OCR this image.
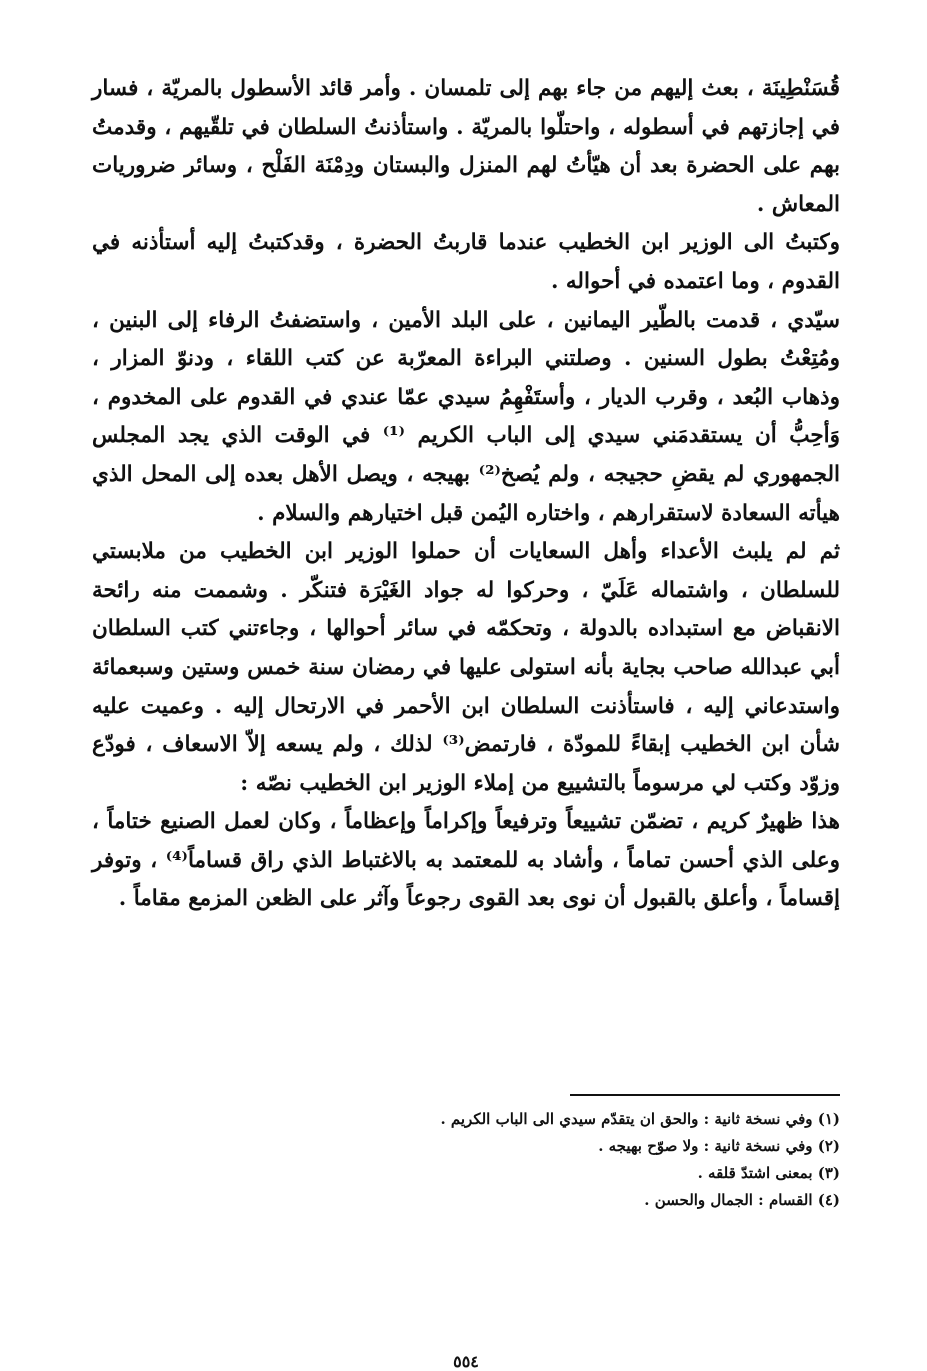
قُسَنْطِينَة ، بعث إليهم من جاء بهم إلى تلمسان . وأمر قائد الأسطول بالمريّة ، فسار في إجازتهم في أسطوله ، واحتلّوا بالمريّة . واستأذنتُ السلطان في تلقّيهم ، وقدمتُ بهم على الحضرة بعد أن هيّأتُ لهم المنزل والبستان ودِمْنَة الفَلْح ، وسائر ضروريات المعاش .

وكتبتُ الى الوزير ابن الخطيب عندما قاربتُ الحضرة ، وقدكتبتُ إليه أستأذنه في القدوم ، وما اعتمده في أحواله .

سيّدي ، قدمت بالطّير اليمانين ، على البلد الأمين ، واستضفتُ الرفاء إلى البنين ، ومُتِعْتُ بطول السنين . وصلتني البراءة المعرّبة عن كتب اللقاء ، ودنوّ المزار ، وذهاب البُعد ، وقرب الديار ، وأستَفْهِمُ سيدي عمّا عندي في القدوم على المخدوم ، وَأحِبُّ أن يستقدمَني سيدي إلى الباب الكريم ⁽¹⁾ في الوقت الذي يجد المجلس الجمهوري لم يقضِ حجيجه ، ولم يُصخ⁽²⁾ بهيجه ، ويصل الأهل بعده إلى المحل الذي هيأته السعادة لاستقرارهم ، واختاره اليُمن قبل اختيارهم والسلام .

ثم لم يلبث الأعداء وأهل السعايات أن حملوا الوزير ابن الخطيب من ملابستي للسلطان ، واشتماله عَلَيّ ، وحركوا له جواد الغَيْرَة فتنكّر . وشممت منه رائحة الانقباض مع استبداده بالدولة ، وتحكمّه في سائر أحوالها ، وجاءتني كتب السلطان أبي عبدالله صاحب بجاية بأنه استولى عليها في رمضان سنة خمس وستين وسبعمائة واستدعاني إليه ، فاستأذنت السلطان ابن الأحمر في الارتحال إليه . وعميت عليه شأن ابن الخطيب إبقاءً للمودّة ، فارتمض⁽³⁾ لذلك ، ولم يسعه إلاّ الاسعاف ، فودّع وزوّد وكتب لي مرسوماً بالتشييع من إملاء الوزير ابن الخطيب نصّه :

هذا ظهيرٌ كريم ، تضمّن تشييعاً وترفيعاً وإكراماً وإعظاماً ، وكان لعمل الصنيع ختاماً ، وعلى الذي أحسن تماماً ، وأشاد به للمعتمد به بالاغتباط الذي راق قساماً⁽⁴⁾ ، وتوفر إقساماً ، وأعلق بالقبول أن نوى بعد القوى رجوعاً وآثر على الظعن المزمع مقاماً .

(١) وفي نسخة ثانية : والحق ان يتقدّم سيدي الى الباب الكريم .

(٢) وفي نسخة ثانية : ولا صوّح بهيجه .

(٣) بمعنى اشتدّ قلقه .

(٤) القسام : الجمال والحسن .

٥٥٤
